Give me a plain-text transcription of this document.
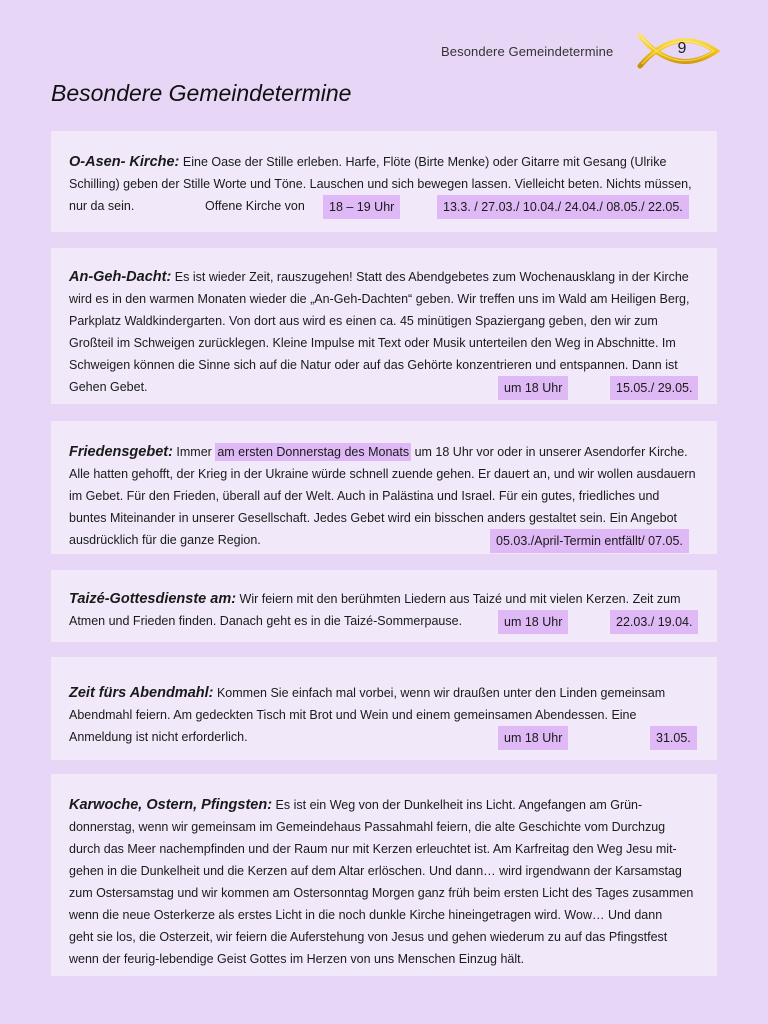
Besondere Gemeindetermine	9
Besondere Gemeindetermine

O-Asen- Kirche: Eine Oase der Stille erleben. Harfe, Flöte (Birte Menke) oder Gitarre mit Gesang (Ulrike
Schilling) geben der Stille Worte und Töne. Lauschen und sich bewegen lassen. Vielleicht beten. Nichts müssen,

nur da sein.	Offene Kirche von	18 – 19 Uhr	13.3. / 27.03./ 10.04./ 24.04./ 08.05./ 22.05.

An-Geh-Dacht: Es ist wieder Zeit, rauszugehen! Statt des Abendgebetes zum Wochenausklang in der Kirche
wird es in den warmen Monaten wieder die „An-Geh-Dachten“ geben. Wir treffen uns im Wald am Heiligen Berg,
Parkplatz Waldkindergarten. Von dort aus wird es einen ca. 45 minütigen Spaziergang geben, den wir zum
Großteil im Schweigen zurücklegen. Kleine Impulse mit Text oder Musik unterteilen den Weg in Abschnitte. Im
Schweigen können die Sinne sich auf die Natur oder auf das Gehörte konzentrieren und entspannen. Dann ist

Gehen Gebet.	um 18 Uhr	15.05./ 29.05.

Friedensgebet: Immer am ersten Donnerstag des Monats um 18 Uhr vor oder in unserer Asendorfer Kirche.
Alle hatten gehofft, der Krieg in der Ukraine würde schnell zuende gehen. Er dauert an, und wir wollen ausdauern
im Gebet. Für den Frieden, überall auf der Welt. Auch in Palästina und Israel. Für ein gutes, friedliches und
buntes Miteinander in unserer Gesellschaft. Jedes Gebet wird ein bisschen anders gestaltet sein. Ein Angebot

ausdrücklich für die ganze Region.	05.03./April-Termin entfällt/ 07.05.

Taizé-Gottesdienste am: Wir feiern mit den berühmten Liedern aus Taizé und mit vielen Kerzen. Zeit zum

Atmen und Frieden finden. Danach geht es in die Taizé-Sommerpause.	um 18 Uhr	22.03./ 19.04.

Zeit fürs Abendmahl: Kommen Sie einfach mal vorbei, wenn wir draußen unter den Linden gemeinsam
Abendmahl feiern. Am gedeckten Tisch mit Brot und Wein und einem gemeinsamen Abendessen. Eine

Anmeldung ist nicht erforderlich.	um 18 Uhr	31.05.

Karwoche, Ostern, Pfingsten: Es ist ein Weg von der Dunkelheit ins Licht. Angefangen am Grün-
donnerstag, wenn wir gemeinsam im Gemeindehaus Passahmahl feiern, die alte Geschichte vom Durchzug
durch das Meer nachempfinden und der Raum nur mit Kerzen erleuchtet ist. Am Karfreitag den Weg Jesu mit-
gehen in die Dunkelheit und die Kerzen auf dem Altar erlöschen. Und dann… wird irgendwann der Karsamstag
zum Ostersamstag und wir kommen am Ostersonntag Morgen ganz früh beim ersten Licht des Tages zusammen
wenn die neue Osterkerze als erstes Licht in die noch dunkle Kirche hineingetragen wird. Wow… Und dann
geht sie los, die Osterzeit, wir feiern die Auferstehung von Jesus und gehen wiederum zu auf das Pfingstfest
wenn der feurig-lebendige Geist Gottes im Herzen von uns Menschen Einzug hält.
